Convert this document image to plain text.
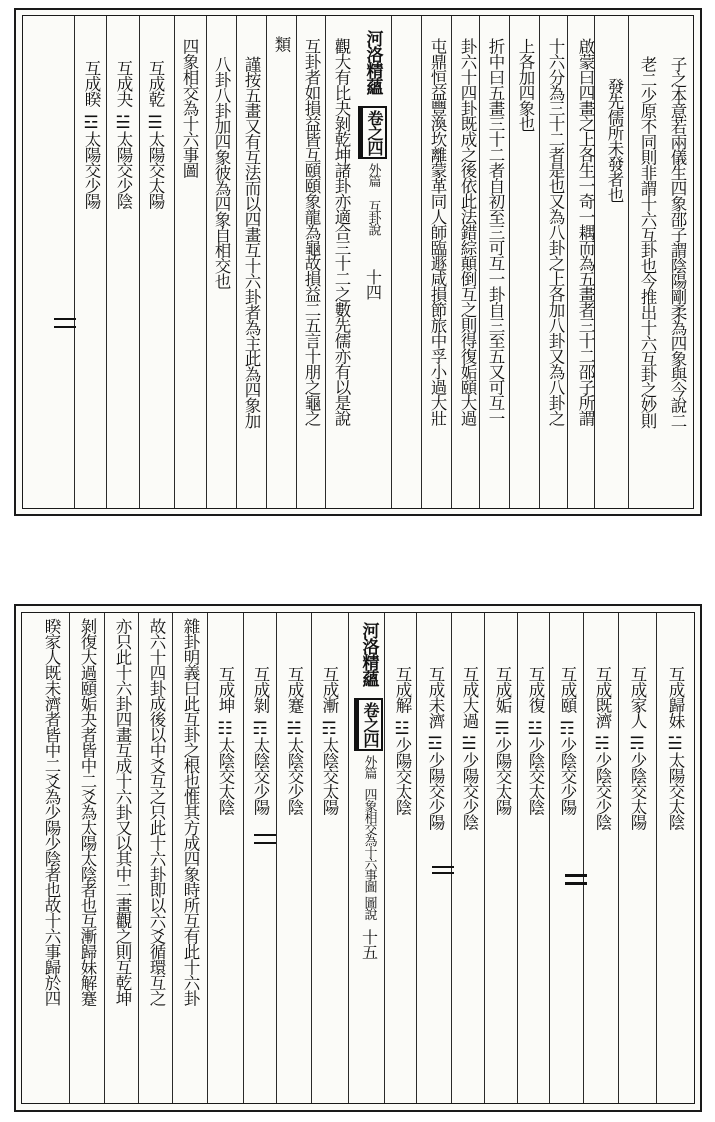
子之本意若兩儀生四象邵子謂陰陽剛柔為四象與今說二
老二少原不同則非謂十六互卦也今推出十六互卦之妙則
發先儒所未發者也
啟蒙曰四畫之上各生一奇一耦而為五畫者三十二邵子所謂
十六分為三十二者是也又為八卦之上各加八卦又為八卦之
上各加四象也
折中曰五畫三十二者自初至三可互一卦自三至五又可互一
卦六十四卦既成之後依此法錯綜顛倒互之則得復姤頤大過
屯鼎恒益豐渙坎離蒙革同人師臨遯咸損節旅中孚小過大壯
河洛精蘊
卷之四
外篇
互卦說
十四
觀大有比夬剝乾坤諸卦亦適合三十二之數先儒亦有以是說
互卦者如損益皆互頤頤象龍為龜故損益二五言十朋之龜之
類
謹按五畫又有互法而以四畫互十六卦者為主此為四象加
八卦八卦加四象彼為四象自相交也
四象相交為十六事圖
互成乾
☰
太陽交太陽
互成夬
☱
太陽交少陰
互成睽
☲
太陽交少陽
互成歸妹
☱
太陽交太陰
互成家人
☴
少陰交太陽
互成既濟
☵
少陰交少陰
互成頤
☶
少陰交少陽
互成復
☳
少陰交太陰
互成姤
☴
少陽交太陽
互成大過
☱
少陽交少陰
互成未濟
☲
少陽交少陽
互成解
☳
少陽交太陰
河洛精蘊
卷之四
外篇
四象相交為十六事圖
圖說
十五
互成漸
☶
太陰交太陽
互成蹇
☵
太陰交少陰
互成剝
☶
太陰交少陽
互成坤
☷
太陰交太陰
雜卦明義曰此互卦之根也惟其方成四象時所互有此十六卦
故六十四卦成後以中爻互之只此十六卦即以六爻循環互之
亦只此十六卦四畫互成十六卦又以其中二畫觀之則互乾坤
剝復大過頤姤夬者皆中二爻為太陽太陰者也互漸歸妹解蹇
睽家人既未濟者皆中二爻為少陽少陰者也故十六事歸於四
